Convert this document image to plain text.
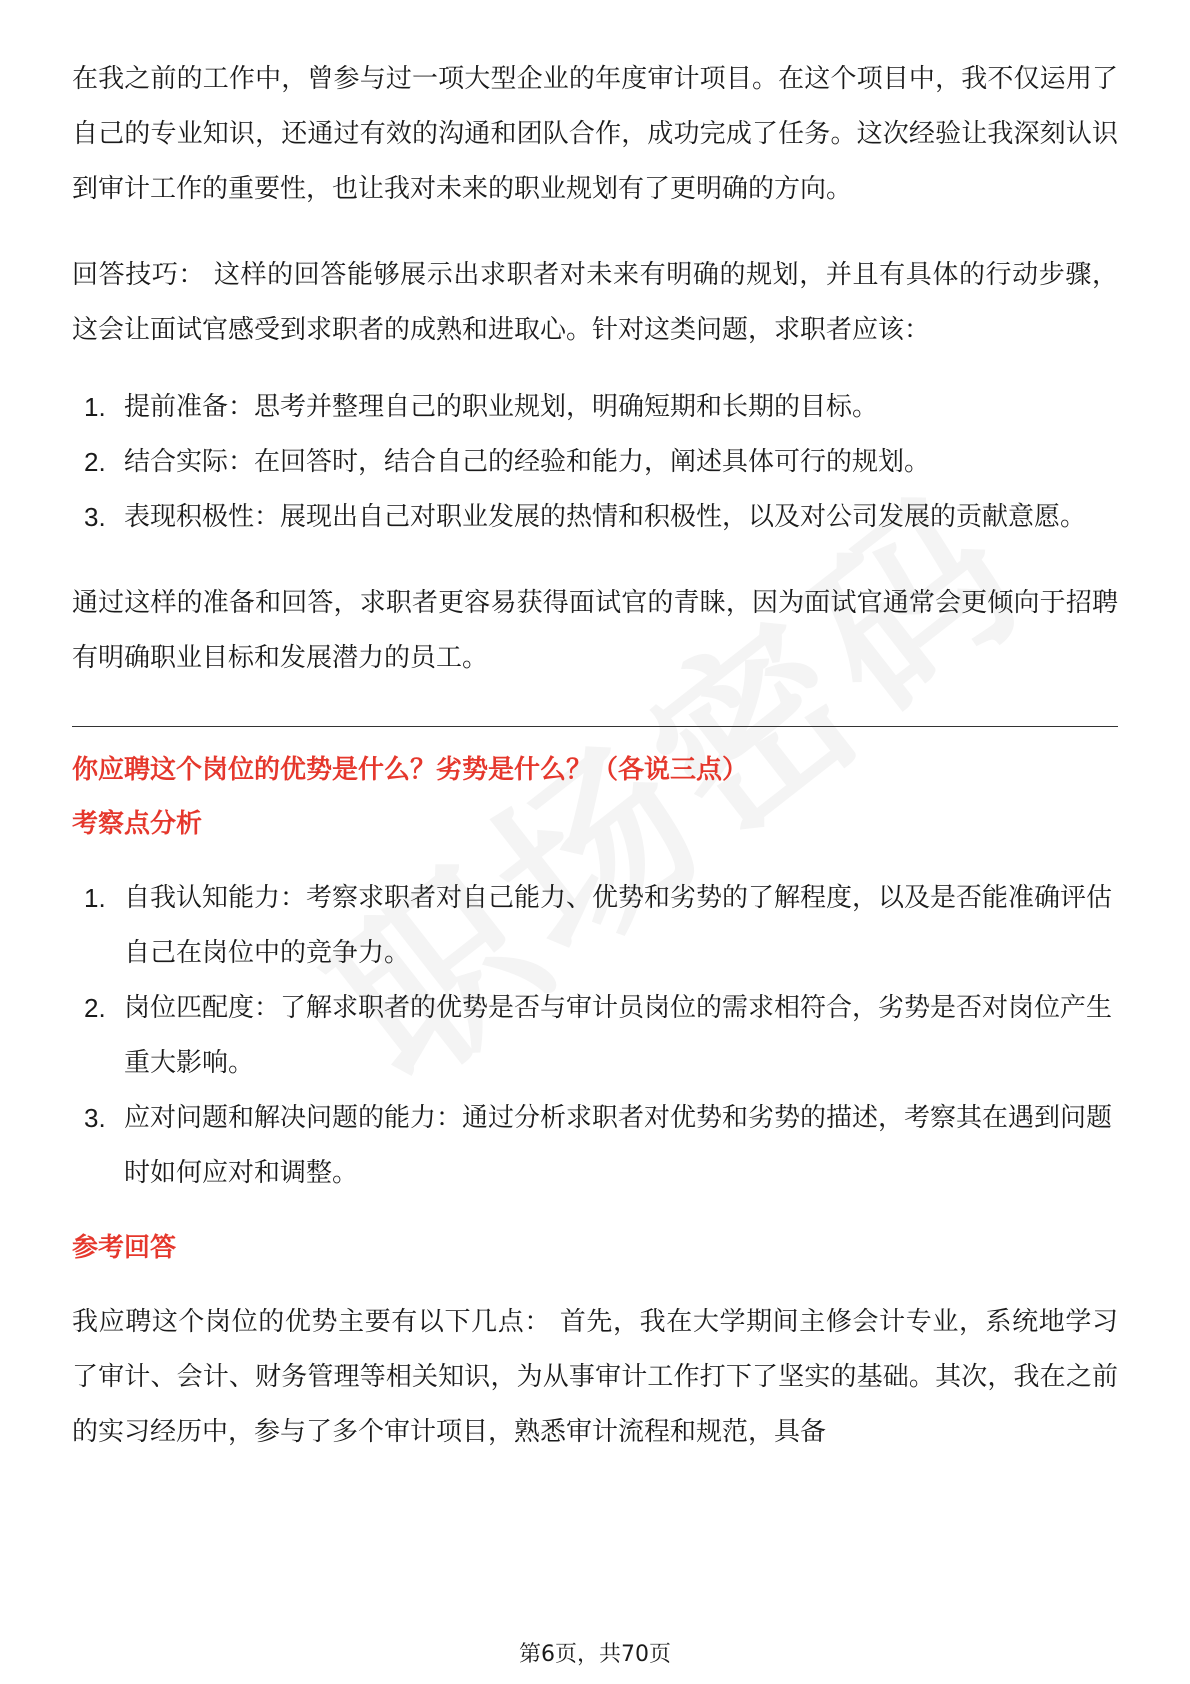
在我之前的工作中，曾参与过一项大型企业的年度审计项目。在这个项目中，我不仅运用了自己的专业知识，还通过有效的沟通和团队合作，成功完成了任务。这次经验让我深刻认识到审计工作的重要性，也让我对未来的职业规划有了更明确的方向。

回答技巧： 这样的回答能够展示出求职者对未来有明确的规划，并且有具体的行动步骤，这会让面试官感受到求职者的成熟和进取心。针对这类问题，求职者应该：

1. 提前准备：思考并整理自己的职业规划，明确短期和长期的目标。
2. 结合实际：在回答时，结合自己的经验和能力，阐述具体可行的规划。
3. 表现积极性：展现出自己对职业发展的热情和积极性，以及对公司发展的贡献意愿。

通过这样的准备和回答，求职者更容易获得面试官的青睐，因为面试官通常会更倾向于招聘有明确职业目标和发展潜力的员工。

你应聘这个岗位的优势是什么？劣势是什么？（各说三点）
考察点分析
1. 自我认知能力：考察求职者对自己能力、优势和劣势的了解程度，以及是否能准确评估自己在岗位中的竞争力。
2. 岗位匹配度：了解求职者的优势是否与审计员岗位的需求相符合，劣势是否对岗位产生重大影响。
3. 应对问题和解决问题的能力：通过分析求职者对优势和劣势的描述，考察其在遇到问题时如何应对和调整。
参考回答

我应聘这个岗位的优势主要有以下几点： 首先，我在大学期间主修会计专业，系统地学习了审计、会计、财务管理等相关知识，为从事审计工作打下了坚实的基础。其次，我在之前的实习经历中，参与了多个审计项目，熟悉审计流程和规范，具备

第6页，共70页
